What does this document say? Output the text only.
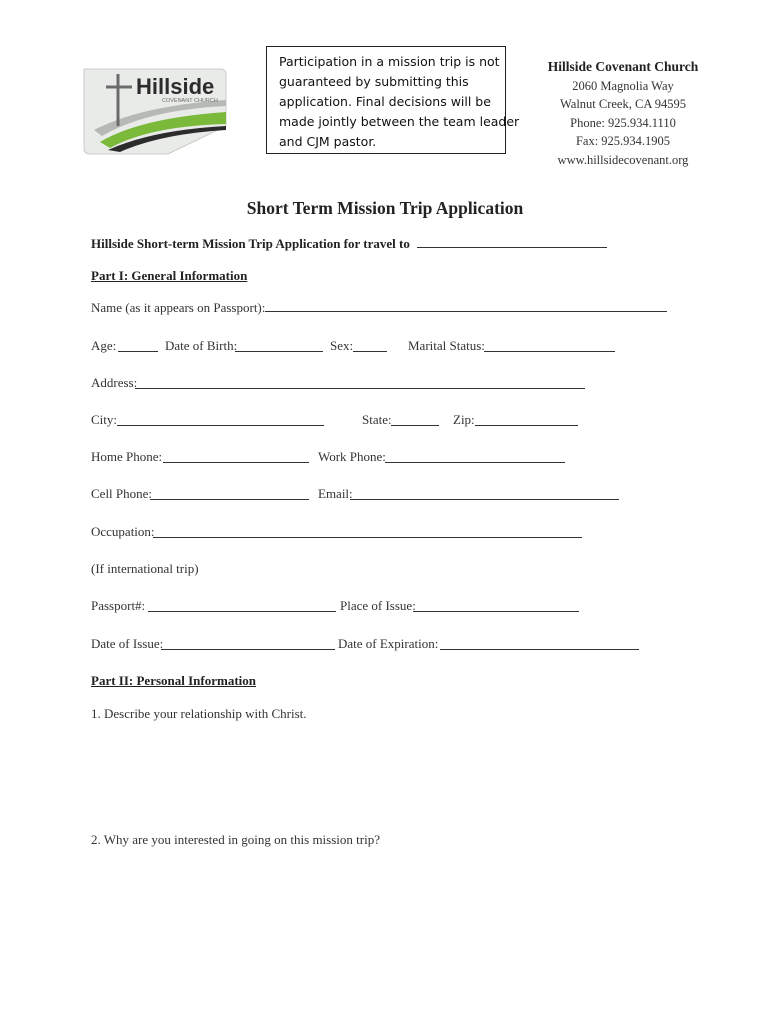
Hillside
COVENANT CHURCH
Participation in a mission trip is not
guaranteed by submitting this
application. Final decisions will be
made jointly between the team leader
and CJM pastor.
Hillside Covenant Church
2060 Magnolia Way
Walnut Creek, CA 94595
Phone: 925.934.1110
Fax: 925.934.1905
www.hillsidecovenant.org
Short Term Mission Trip Application
Hillside Short-term Mission Trip Application for travel to
Part I: General Information
Name (as it appears on Passport):
Age:	Date of Birth:	Sex:	Marital Status:
Address:
City:	State:	Zip:
Home Phone:	Work Phone:
Cell Phone:	Email:
Occupation:
(If international trip)
Passport#:	Place of Issue:
Date of Issue:	Date of Expiration:
Part II: Personal Information
1. Describe your relationship with Christ.
2. Why are you interested in going on this mission trip?
